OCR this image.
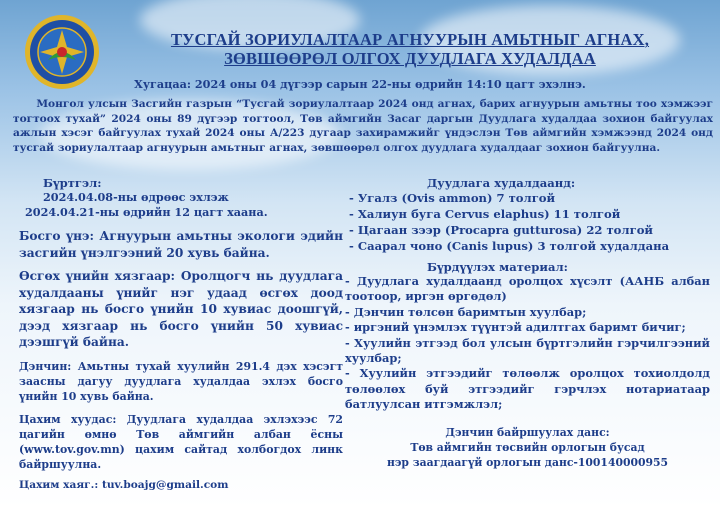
ТУСГАЙ ЗОРИУЛАЛТААР АГНУУРЫН АМЬТНЫГ АГНАХ,
ЗӨВШӨӨРӨЛ ОЛГОХ ДУУДЛАГА ХУДАЛДАА
Хугацаа: 2024 оны 04 дүгээр сарын 22-ны өдрийн 14:10 цагт эхэлнэ.
Монгол улсын Засгийн газрын “Тусгай зориулалтаар 2024 онд агнах, барих агнуурын амьтны тоо хэмжээг тогтоох тухай” 2024 оны 89 дүгээр тогтоол, Төв аймгийн Засаг даргын Дуудлага худалдаа зохион байгуулах ажлын хэсэг байгуулах тухай 2024 оны А/223 дугаар захирамжийг үндэслэн Төв аймгийн хэмжээнд 2024 онд тусгай зориулалтаар агнуурын амьтныг агнах, зөвшөөрөл олгох дуудлага худалдааг зохион байгуулна.
Бүртгэл:
2024.04.08-ны өдрөөс эхлэж
2024.04.21-ны өдрийн 12 цагт хаана.
Босго үнэ: Агнуурын амьтны экологи эдийн засгийн үнэлгээний 20 хувь байна.
Өсгөх үнийн хязгаар: Оролцогч нь дуудлага худалдааны үнийг нэг удаад өсгөх доод хязгаар нь босго үнийн 10 хувиас доошгүй, дээд хязгаар нь босго үнийн 50 хувиас дээшгүй байна.
Дэнчин: Амьтны тухай хуулийн 291.4 дэх хэсэгт заасны дагуу дуудлага худалдаа эхлэх босго үнийн 10 хувь байна.
Цахим хуудас: Дуудлага худалдаа эхлэхээс 72 цагийн өмнө Төв аймгийн албан ёсны (www.tov.gov.mn) цахим сайтад холбогдох линк байршуулна.
Цахим хаяг.: tuv.boajg@gmail.com
Дуудлага худалдаанд:
- Угалз (Ovis ammon) 7 толгой
- Халиун буга Cervus elaphus) 11 толгой
- Цагаан зээр (Procapra gutturosa) 22 толгой
- Саарал чоно (Canis lupus) 3 толгой худалдана
Бүрдүүлэх материал:
- Дуудлага худалдаанд оролцох хүсэлт (ААНБ албан тоотоор, иргэн өргөдөл)
- Дэнчин төлсөн баримтын хуулбар;
- иргэний үнэмлэх түүнтэй адилтгах баримт бичиг;
- Хуулийн этгээд бол улсын бүртгэлийн гэрчилгээний хуулбар;
- Хуулийн этгээдийг төлөөлж оролцох тохиолдолд төлөөлөх буй этгээдийг гэрчлэх нотариатаар батлуулсан итгэмжлэл;
Дэнчин байршуулах данс:
Төв аймгийн төсвийн орлогын бусад
нэр заагдаагүй орлогын данс-100140000955
